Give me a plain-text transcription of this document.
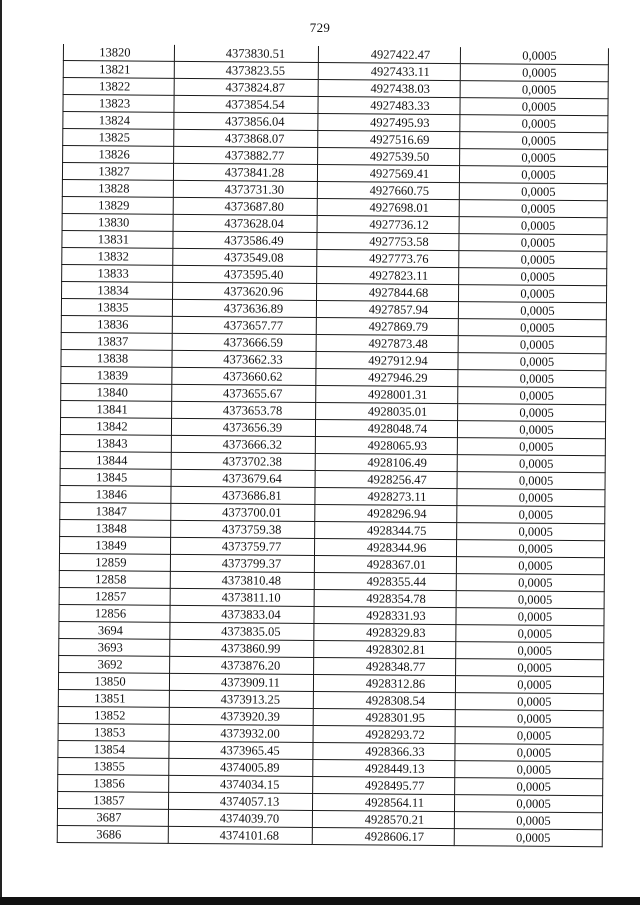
729
13820	4373830.51	4927422.47	0,0005
13821	4373823.55	4927433.11	0,0005
13822	4373824.87	4927438.03	0,0005
13823	4373854.54	4927483.33	0,0005
13824	4373856.04	4927495.93	0,0005
13825	4373868.07	4927516.69	0,0005
13826	4373882.77	4927539.50	0,0005
13827	4373841.28	4927569.41	0,0005
13828	4373731.30	4927660.75	0,0005
13829	4373687.80	4927698.01	0,0005
13830	4373628.04	4927736.12	0,0005
13831	4373586.49	4927753.58	0,0005
13832	4373549.08	4927773.76	0,0005
13833	4373595.40	4927823.11	0,0005
13834	4373620.96	4927844.68	0,0005
13835	4373636.89	4927857.94	0,0005
13836	4373657.77	4927869.79	0,0005
13837	4373666.59	4927873.48	0,0005
13838	4373662.33	4927912.94	0,0005
13839	4373660.62	4927946.29	0,0005
13840	4373655.67	4928001.31	0,0005
13841	4373653.78	4928035.01	0,0005
13842	4373656.39	4928048.74	0,0005
13843	4373666.32	4928065.93	0,0005
13844	4373702.38	4928106.49	0,0005
13845	4373679.64	4928256.47	0,0005
13846	4373686.81	4928273.11	0,0005
13847	4373700.01	4928296.94	0,0005
13848	4373759.38	4928344.75	0,0005
13849	4373759.77	4928344.96	0,0005
12859	4373799.37	4928367.01	0,0005
12858	4373810.48	4928355.44	0,0005
12857	4373811.10	4928354.78	0,0005
12856	4373833.04	4928331.93	0,0005
3694	4373835.05	4928329.83	0,0005
3693	4373860.99	4928302.81	0,0005
3692	4373876.20	4928348.77	0,0005
13850	4373909.11	4928312.86	0,0005
13851	4373913.25	4928308.54	0,0005
13852	4373920.39	4928301.95	0,0005
13853	4373932.00	4928293.72	0,0005
13854	4373965.45	4928366.33	0,0005
13855	4374005.89	4928449.13	0,0005
13856	4374034.15	4928495.77	0,0005
13857	4374057.13	4928564.11	0,0005
3687	4374039.70	4928570.21	0,0005
3686	4374101.68	4928606.17	0,0005
